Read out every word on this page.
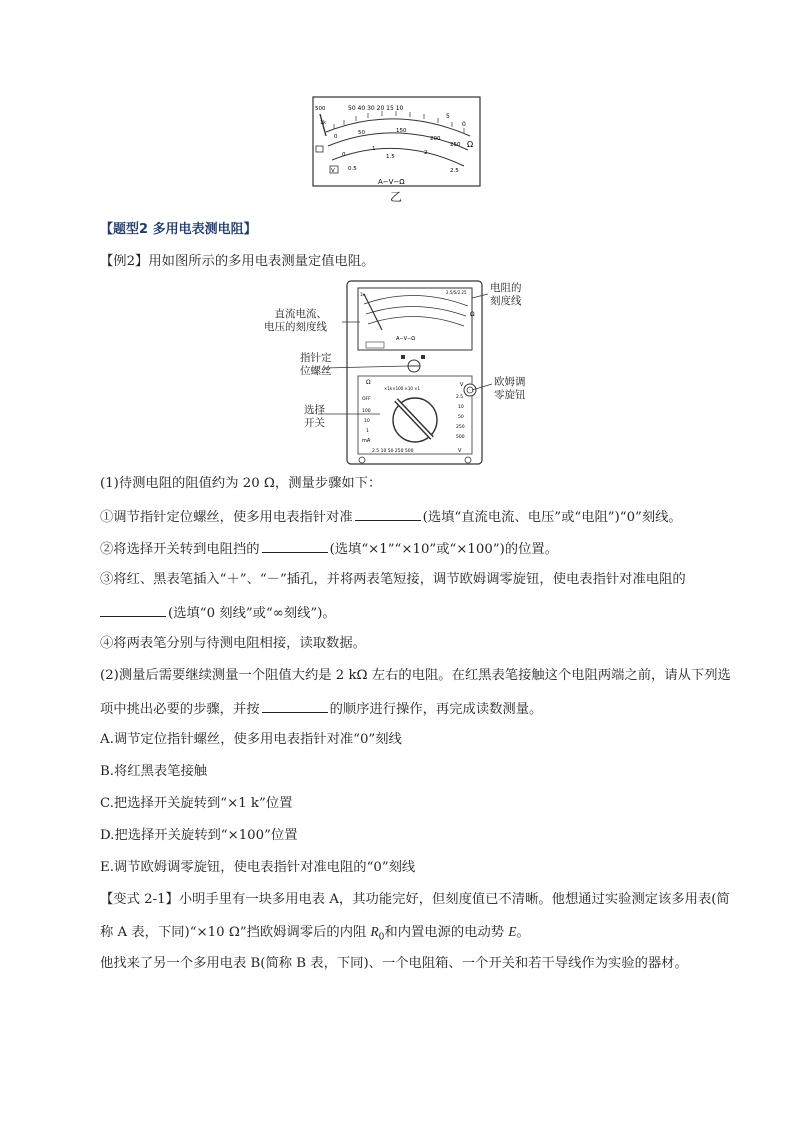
500
1k
50 40 30 20 15 10
5
0
Ω
0
50	150
200
250
0
1
1.5
2
2.5
0.5
V
A−V−Ω
乙
【题型2 多用电表测电阻】
【例2】用如图所示的多用电表测量定值电阻。
1k	2.5/5/2.25
Ω
A−V−Ω
Ω
×1k×100 ×10 ×1
OFF
100
10
1
mA
2.5
10
50
250
500
V
2.5 10 50 250 500	V
直流电流、
电压的刻度线
指针定
位螺丝
选择
开关
电阻的
刻度线
欧姆调
零旋钮
(1)待测电阻的阻值约为 20 Ω，测量步骤如下：
①调节指针定位螺丝，使多用电表指针对准	(选填“直流电流、电压”或“电阻”)“0”刻线。
②将选择开关转到电阻挡的	(选填“×1”“×10”或“×100”)的位置。
③将红、黑表笔插入“＋”、“－”插孔，并将两表笔短接，调节欧姆调零旋钮，使电表指针对准电阻的
(选填“0 刻线”或“∞刻线”)。
④将两表笔分别与待测电阻相接，读取数据。
(2)测量后需要继续测量一个阻值大约是 2 kΩ 左右的电阻。在红黑表笔接触这个电阻两端之前，请从下列选
项中挑出必要的步骤，并按	的顺序进行操作，再完成读数测量。
A.调节定位指针螺丝，使多用电表指针对准“0”刻线
B.将红黑表笔接触
C.把选择开关旋转到“×1 k”位置
D.把选择开关旋转到“×100”位置
E.调节欧姆调零旋钮，使电表指针对准电阻的“0”刻线
【变式 2-1】小明手里有一块多用电表 A，其功能完好，但刻度值已不清晰。他想通过实验测定该多用表(简
称 A 表，下同)“×10 Ω”挡欧姆调零后的内阻 $R_0$和内置电源的电动势 E。
他找来了另一个多用电表 B(简称 B 表，下同)、一个电阻箱、一个开关和若干导线作为实验的器材。
